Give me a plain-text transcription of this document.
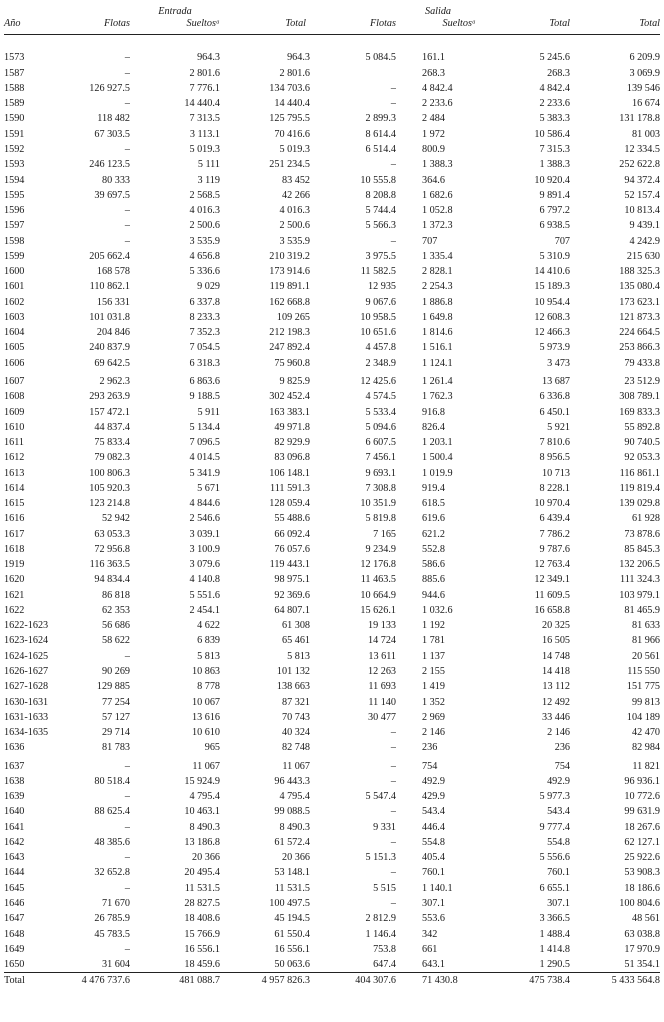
		Entrada			Salida		
Año	Flotas	Sueltosᵃ	Total	Flotas	Sueltosᵃ	Total	Total

1573	–	964.3	964.3	5 084.5	161.1	5 245.6	6 209.9
1587	–	2 801.6	2 801.6		268.3	268.3	3 069.9
1588	126 927.5	7 776.1	134 703.6	–	4 842.4	4 842.4	139 546
1589	–	14 440.4	14 440.4	–	2 233.6	2 233.6	16 674
1590	118 482	7 313.5	125 795.5	2 899.3	2 484	5 383.3	131 178.8
1591	67 303.5	3 113.1	70 416.6	8 614.4	1 972	10 586.4	81 003
1592	–	5 019.3	5 019.3	6 514.4	800.9	7 315.3	12 334.5
1593	246 123.5	5 111	251 234.5	–	1 388.3	1 388.3	252 622.8
1594	80 333	3 119	83 452	10 555.8	364.6	10 920.4	94 372.4
1595	39 697.5	2 568.5	42 266	8 208.8	1 682.6	9 891.4	52 157.4
1596	–	4 016.3	4 016.3	5 744.4	1 052.8	6 797.2	10 813.4
1597	–	2 500.6	2 500.6	5 566.3	1 372.3	6 938.5	9 439.1
1598	–	3 535.9	3 535.9	–	707	707	4 242.9
1599	205 662.4	4 656.8	210 319.2	3 975.5	1 335.4	5 310.9	215 630
1600	168 578	5 336.6	173 914.6	11 582.5	2 828.1	14 410.6	188 325.3
1601	110 862.1	9 029	119 891.1	12 935	2 254.3	15 189.3	135 080.4
1602	156 331	6 337.8	162 668.8	9 067.6	1 886.8	10 954.4	173 623.1
1603	101 031.8	8 233.3	109 265	10 958.5	1 649.8	12 608.3	121 873.3
1604	204 846	7 352.3	212 198.3	10 651.6	1 814.6	12 466.3	224 664.5
1605	240 837.9	7 054.5	247 892.4	4 457.8	1 516.1	5 973.9	253 866.3
1606	69 642.5	6 318.3	75 960.8	2 348.9	1 124.1	3 473	79 433.8

1607	2 962.3	6 863.6	9 825.9	12 425.6	1 261.4	13 687	23 512.9
1608	293 263.9	9 188.5	302 452.4	4 574.5	1 762.3	6 336.8	308 789.1
1609	157 472.1	5 911	163 383.1	5 533.4	916.8	6 450.1	169 833.3
1610	44 837.4	5 134.4	49 971.8	5 094.6	826.4	5 921	55 892.8
1611	75 833.4	7 096.5	82 929.9	6 607.5	1 203.1	7 810.6	90 740.5
1612	79 082.3	4 014.5	83 096.8	7 456.1	1 500.4	8 956.5	92 053.3
1613	100 806.3	5 341.9	106 148.1	9 693.1	1 019.9	10 713	116 861.1
1614	105 920.3	5 671	111 591.3	7 308.8	919.4	8 228.1	119 819.4
1615	123 214.8	4 844.6	128 059.4	10 351.9	618.5	10 970.4	139 029.8
1616	52 942	2 546.6	55 488.6	5 819.8	619.6	6 439.4	61 928
1617	63 053.3	3 039.1	66 092.4	7 165	621.2	7 786.2	73 878.6
1618	72 956.8	3 100.9	76 057.6	9 234.9	552.8	9 787.6	85 845.3
1919	116 363.5	3 079.6	119 443.1	12 176.8	586.6	12 763.4	132 206.5
1620	94 834.4	4 140.8	98 975.1	11 463.5	885.6	12 349.1	111 324.3
1621	86 818	5 551.6	92 369.6	10 664.9	944.6	11 609.5	103 979.1
1622	62 353	2 454.1	64 807.1	15 626.1	1 032.6	16 658.8	81 465.9
1622-1623	56 686	4 622	61 308	19 133	1 192	20 325	81 633
1623-1624	58 622	6 839	65 461	14 724	1 781	16 505	81 966
1624-1625	–	5 813	5 813	13 611	1 137	14 748	20 561
1626-1627	90 269	10 863	101 132	12 263	2 155	14 418	115 550
1627-1628	129 885	8 778	138 663	11 693	1 419	13 112	151 775
1630-1631	77 254	10 067	87 321	11 140	1 352	12 492	99 813
1631-1633	57 127	13 616	70 743	30 477	2 969	33 446	104 189
1634-1635	29 714	10 610	40 324	–	2 146	2 146	42 470
1636	81 783	965	82 748	–	236	236	82 984

1637	–	11 067	11 067	–	754	754	11 821
1638	80 518.4	15 924.9	96 443.3	–	492.9	492.9	96 936.1
1639	–	4 795.4	4 795.4	5 547.4	429.9	5 977.3	10 772.6
1640	88 625.4	10 463.1	99 088.5	–	543.4	543.4	99 631.9
1641	–	8 490.3	8 490.3	9 331	446.4	9 777.4	18 267.6
1642	48 385.6	13 186.8	61 572.4	–	554.8	554.8	62 127.1
1643	–	20 366	20 366	5 151.3	405.4	5 556.6	25 922.6
1644	32 652.8	20 495.4	53 148.1	–	760.1	760.1	53 908.3
1645	–	11 531.5	11 531.5	5 515	1 140.1	6 655.1	18 186.6
1646	71 670	28 827.5	100 497.5	–	307.1	307.1	100 804.6
1647	26 785.9	18 408.6	45 194.5	2 812.9	553.6	3 366.5	48 561
1648	45 783.5	15 766.9	61 550.4	1 146.4	342	1 488.4	63 038.8
1649	–	16 556.1	16 556.1	753.8	661	1 414.8	17 970.9
1650	31 604	18 459.6	50 063.6	647.4	643.1	1 290.5	51 354.1
Total	4 476 737.6	481 088.7	4 957 826.3	404 307.6	71 430.8	475 738.4	5 433 564.8
